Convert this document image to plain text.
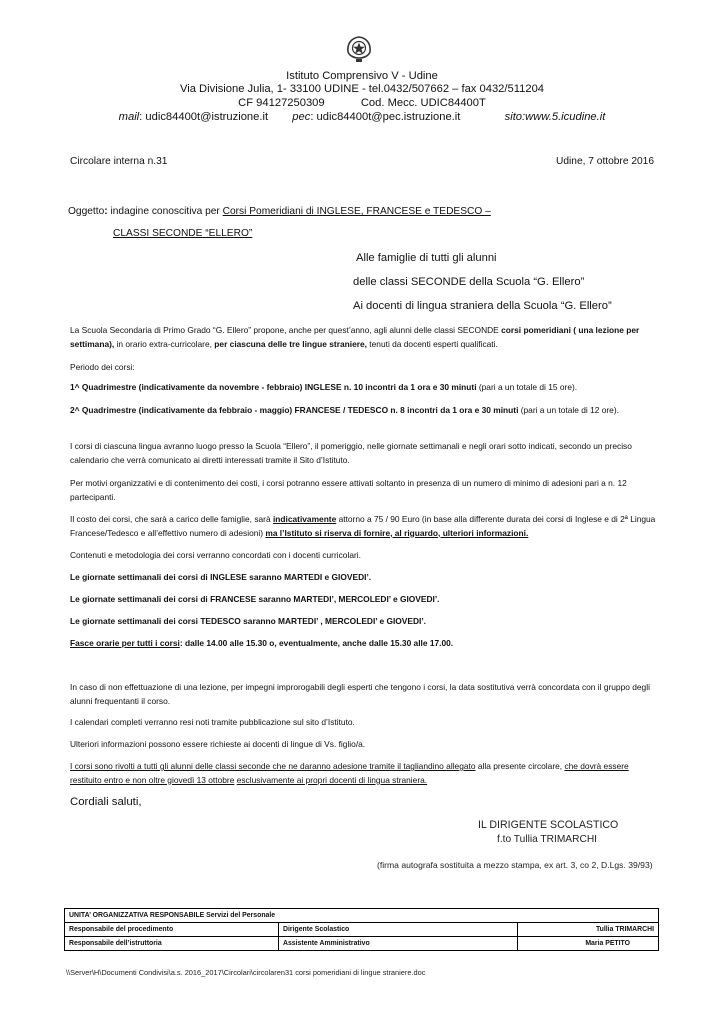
Istituto Comprensivo V - Udine
Via Divisione Julia, 1- 33100 UDINE - tel.0432/507662 – fax 0432/511204
CF 94127250309	Cod. Mecc. UDIC84400T
mail: udic84400t@istruzione.it pec: udic84400t@pec.istruzione.it	sito:www.5.icudine.it
Circolare interna n.31	Udine, 7 ottobre 2016
Oggetto: indagine conoscitiva per Corsi Pomeridiani di INGLESE, FRANCESE e TEDESCO –
CLASSI SECONDE “ELLERO”
Alle famiglie di tutti gli alunni
delle classi SECONDE della Scuola “G. Ellero”
Ai docenti di lingua straniera della Scuola “G. Ellero”
La Scuola Secondaria di Primo Grado “G. Ellero” propone, anche per quest’anno, agli alunni delle classi SECONDE corsi pomeridiani ( una lezione per settimana), in orario extra-curricolare, per ciascuna delle tre lingue straniere, tenuti da docenti esperti qualificati.
Periodo dei corsi:
1^ Quadrimestre (indicativamente da novembre - febbraio) INGLESE n. 10 incontri da 1 ora e 30 minuti (pari a un totale di 15 ore).
2^ Quadrimestre (indicativamente da febbraio - maggio) FRANCESE / TEDESCO n. 8 incontri da 1 ora e 30 minuti (pari a un totale di 12 ore).
I corsi di ciascuna lingua avranno luogo presso la Scuola “Ellero”, il pomeriggio, nelle giornate settimanali e negli orari sotto indicati, secondo un preciso calendario che verrà comunicato ai diretti interessati tramite il Sito d’Istituto.
Per motivi organizzativi e di contenimento dei costi, i corsi potranno essere attivati soltanto in presenza di un numero di minimo di adesioni pari a n. 12 partecipanti.
Il costo dei corsi, che sarà a carico delle famiglie, sarà indicativamente attorno a 75 / 90 Euro (in base alla differente durata dei corsi di Inglese e di 2ª Lingua Francese/Tedesco e all’effettivo numero di adesioni) ma l’Istituto si riserva di fornire, al riguardo, ulteriori informazioni.
Contenuti e metodologia dei corsi verranno concordati con i docenti curricolari.
Le giornate settimanali dei corsi di INGLESE saranno MARTEDI e GIOVEDI’.
Le giornate settimanali dei corsi di FRANCESE saranno MARTEDI’, MERCOLEDI’ e GIOVEDI’.
Le giornate settimanali dei corsi TEDESCO saranno MARTEDI’ , MERCOLEDI’ e GIOVEDI’.
Fasce orarie per tutti i corsi: dalle 14.00 alle 15.30 o, eventualmente, anche dalle 15.30 alle 17.00.
In caso di non effettuazione di una lezione, per impegni improrogabili degli esperti che tengono i corsi, la data sostitutiva verrà concordata con il gruppo degli alunni frequentanti il corso.
I calendari completi verranno resi noti tramite pubblicazione sul sito d’Istituto.
Ulteriori informazioni possono essere richieste ai docenti di lingue di Vs. figlio/a.
I corsi sono rivolti a tutti gli alunni delle classi seconde che ne daranno adesione tramite il tagliandino allegato alla presente circolare, che dovrà essere restituito entro e non oltre giovedì 13 ottobre esclusivamente ai propri docenti di lingua straniera.
Cordiali saluti,
IL DIRIGENTE SCOLASTICO
f.to Tullia TRIMARCHI
(firma autografa sostituita a mezzo stampa, ex art. 3, co 2, D.Lgs. 39/93)
UNITA’ ORGANIZZATIVA RESPONSABILE Servizi del Personale		
Responsabile del procedimento	Dirigente Scolastico	Tullia TRIMARCHI
Responsabile dell’istruttoria	Assistente Amministrativo	Maria PETITO
\\Server\H\Documenti Condivisi\a.s. 2016_2017\Circolari\circolaren31 corsi pomeridiani di lingue straniere.doc
